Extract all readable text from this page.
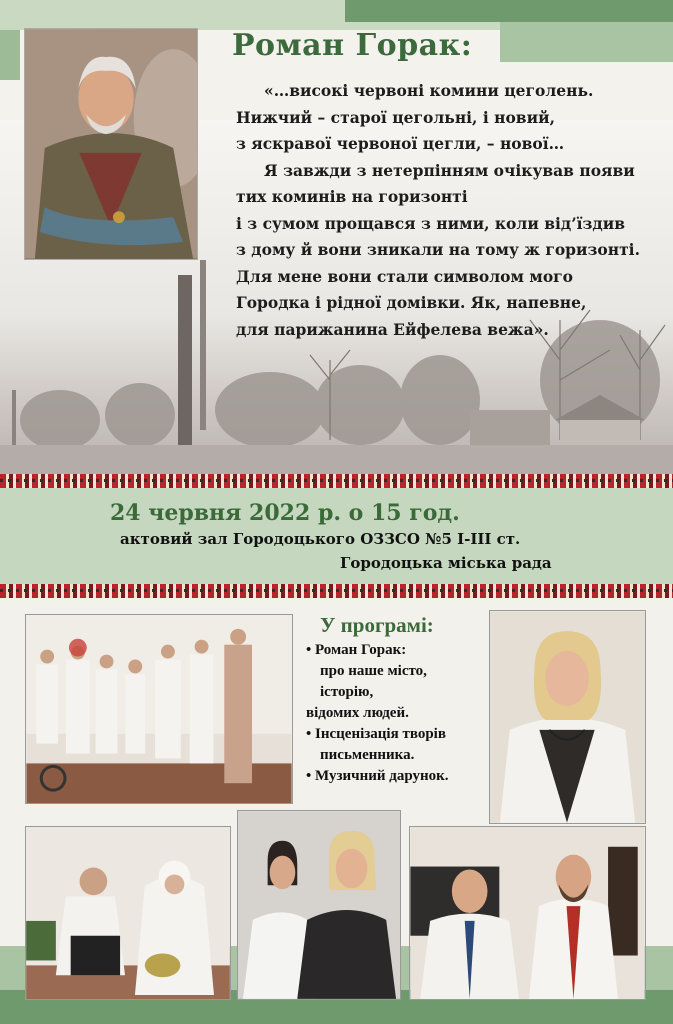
Роман Горак:
«…високі червоні комини цеголень.
Нижчий – старої цегольні, і новий,
з яскравої червоної цегли, – нової…
Я завжди з нетерпінням очікував появи
тих коминів на горизонті
і з сумом прощався з ними, коли від’їздив
з дому й вони зникали на тому ж горизонті.
Для мене вони стали символом мого
Городка і рідної домівки. Як, напевне,
для парижанина Ейфелева вежа».
24 червня 2022 р. о 15 год.
актовий зал Городоцького ОЗЗСО №5 I-III ст.
Городоцька міська рада
У програмі:
• Роман Горак:
про наше місто,
історію,
відомих людей.
• Інсценізація творів
письменника.
• Музичний дарунок.
